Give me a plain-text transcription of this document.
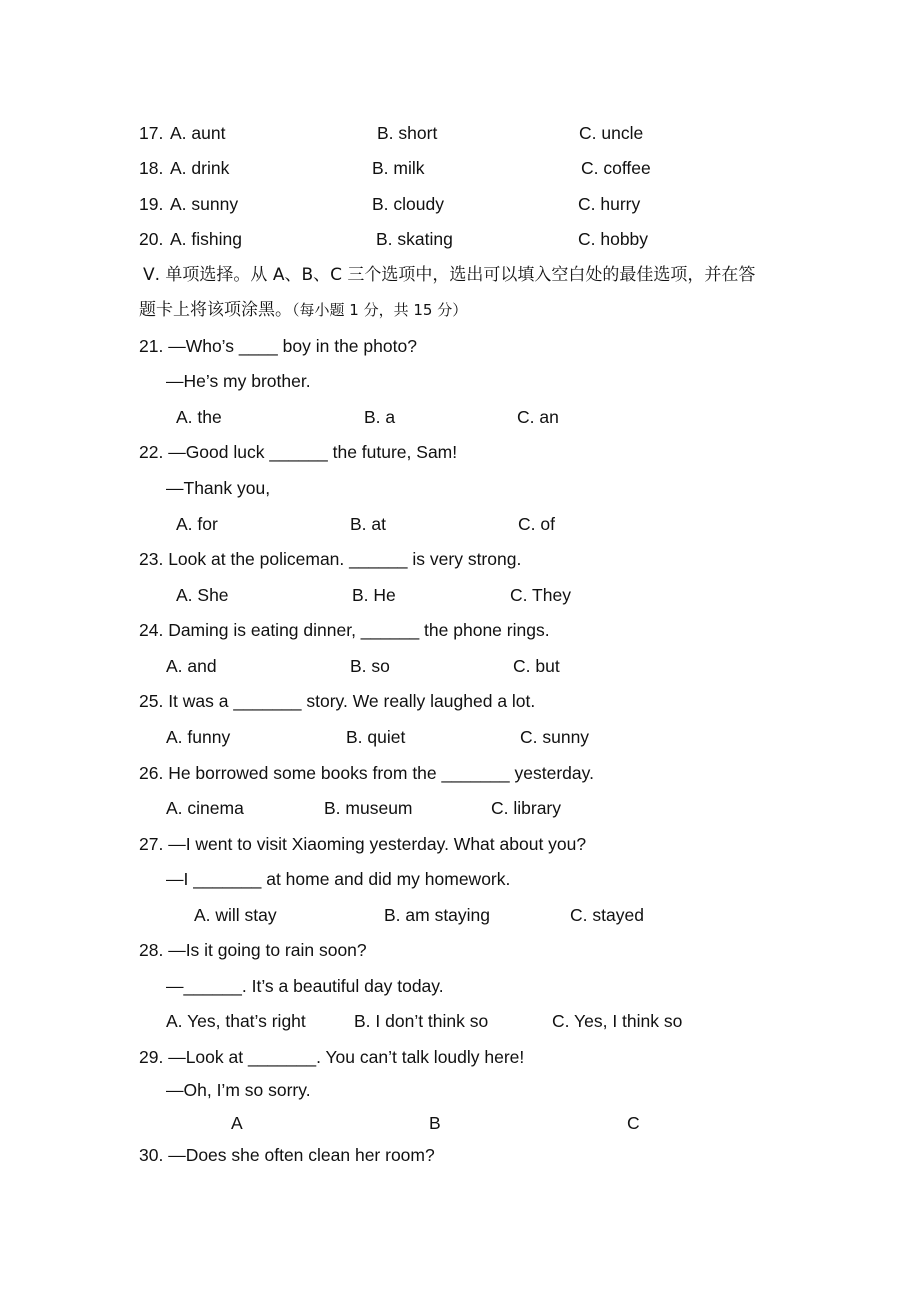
17. A. aunt	B. short	C. uncle
18. A. drink	B. milk	C. coffee
19. A. sunny	B. cloudy	C. hurry
20. A. fishing	B. skating	C. hobby
Ⅴ. 单项选择。从 A、B、C 三个选项中，选出可以填入空白处的最佳选项，并在答
题卡上将该项涂黑。（每小题 1 分，共 15 分）
21. —Who’s ____ boy in the photo?
—He’s my brother.
A. the	B. a	C. an
22. —Good luck ______ the future, Sam!
—Thank you,
A. for	B. at	C. of
23. Look at the policeman. ______ is very strong.
A. She	B. He	C. They
24. Daming is eating dinner, ______ the phone rings.
A. and	B. so	C. but
25. It was a _______ story. We really laughed a lot.
A. funny	B. quiet	C. sunny
26. He borrowed some books from the _______ yesterday.
A. cinema	B. museum	C. library
27. —I went to visit Xiaoming yesterday. What about you?
—I _______ at home and did my homework.
A. will stay	B. am staying	C. stayed
28. —Is it going to rain soon?
—______. It’s a beautiful day today.
A. Yes, that’s right	B. I don’t think so	C. Yes, I think so
29. —Look at _______. You can’t talk loudly here!
—Oh, I’m so sorry.
A	B	C
30. —Does she often clean her room?
